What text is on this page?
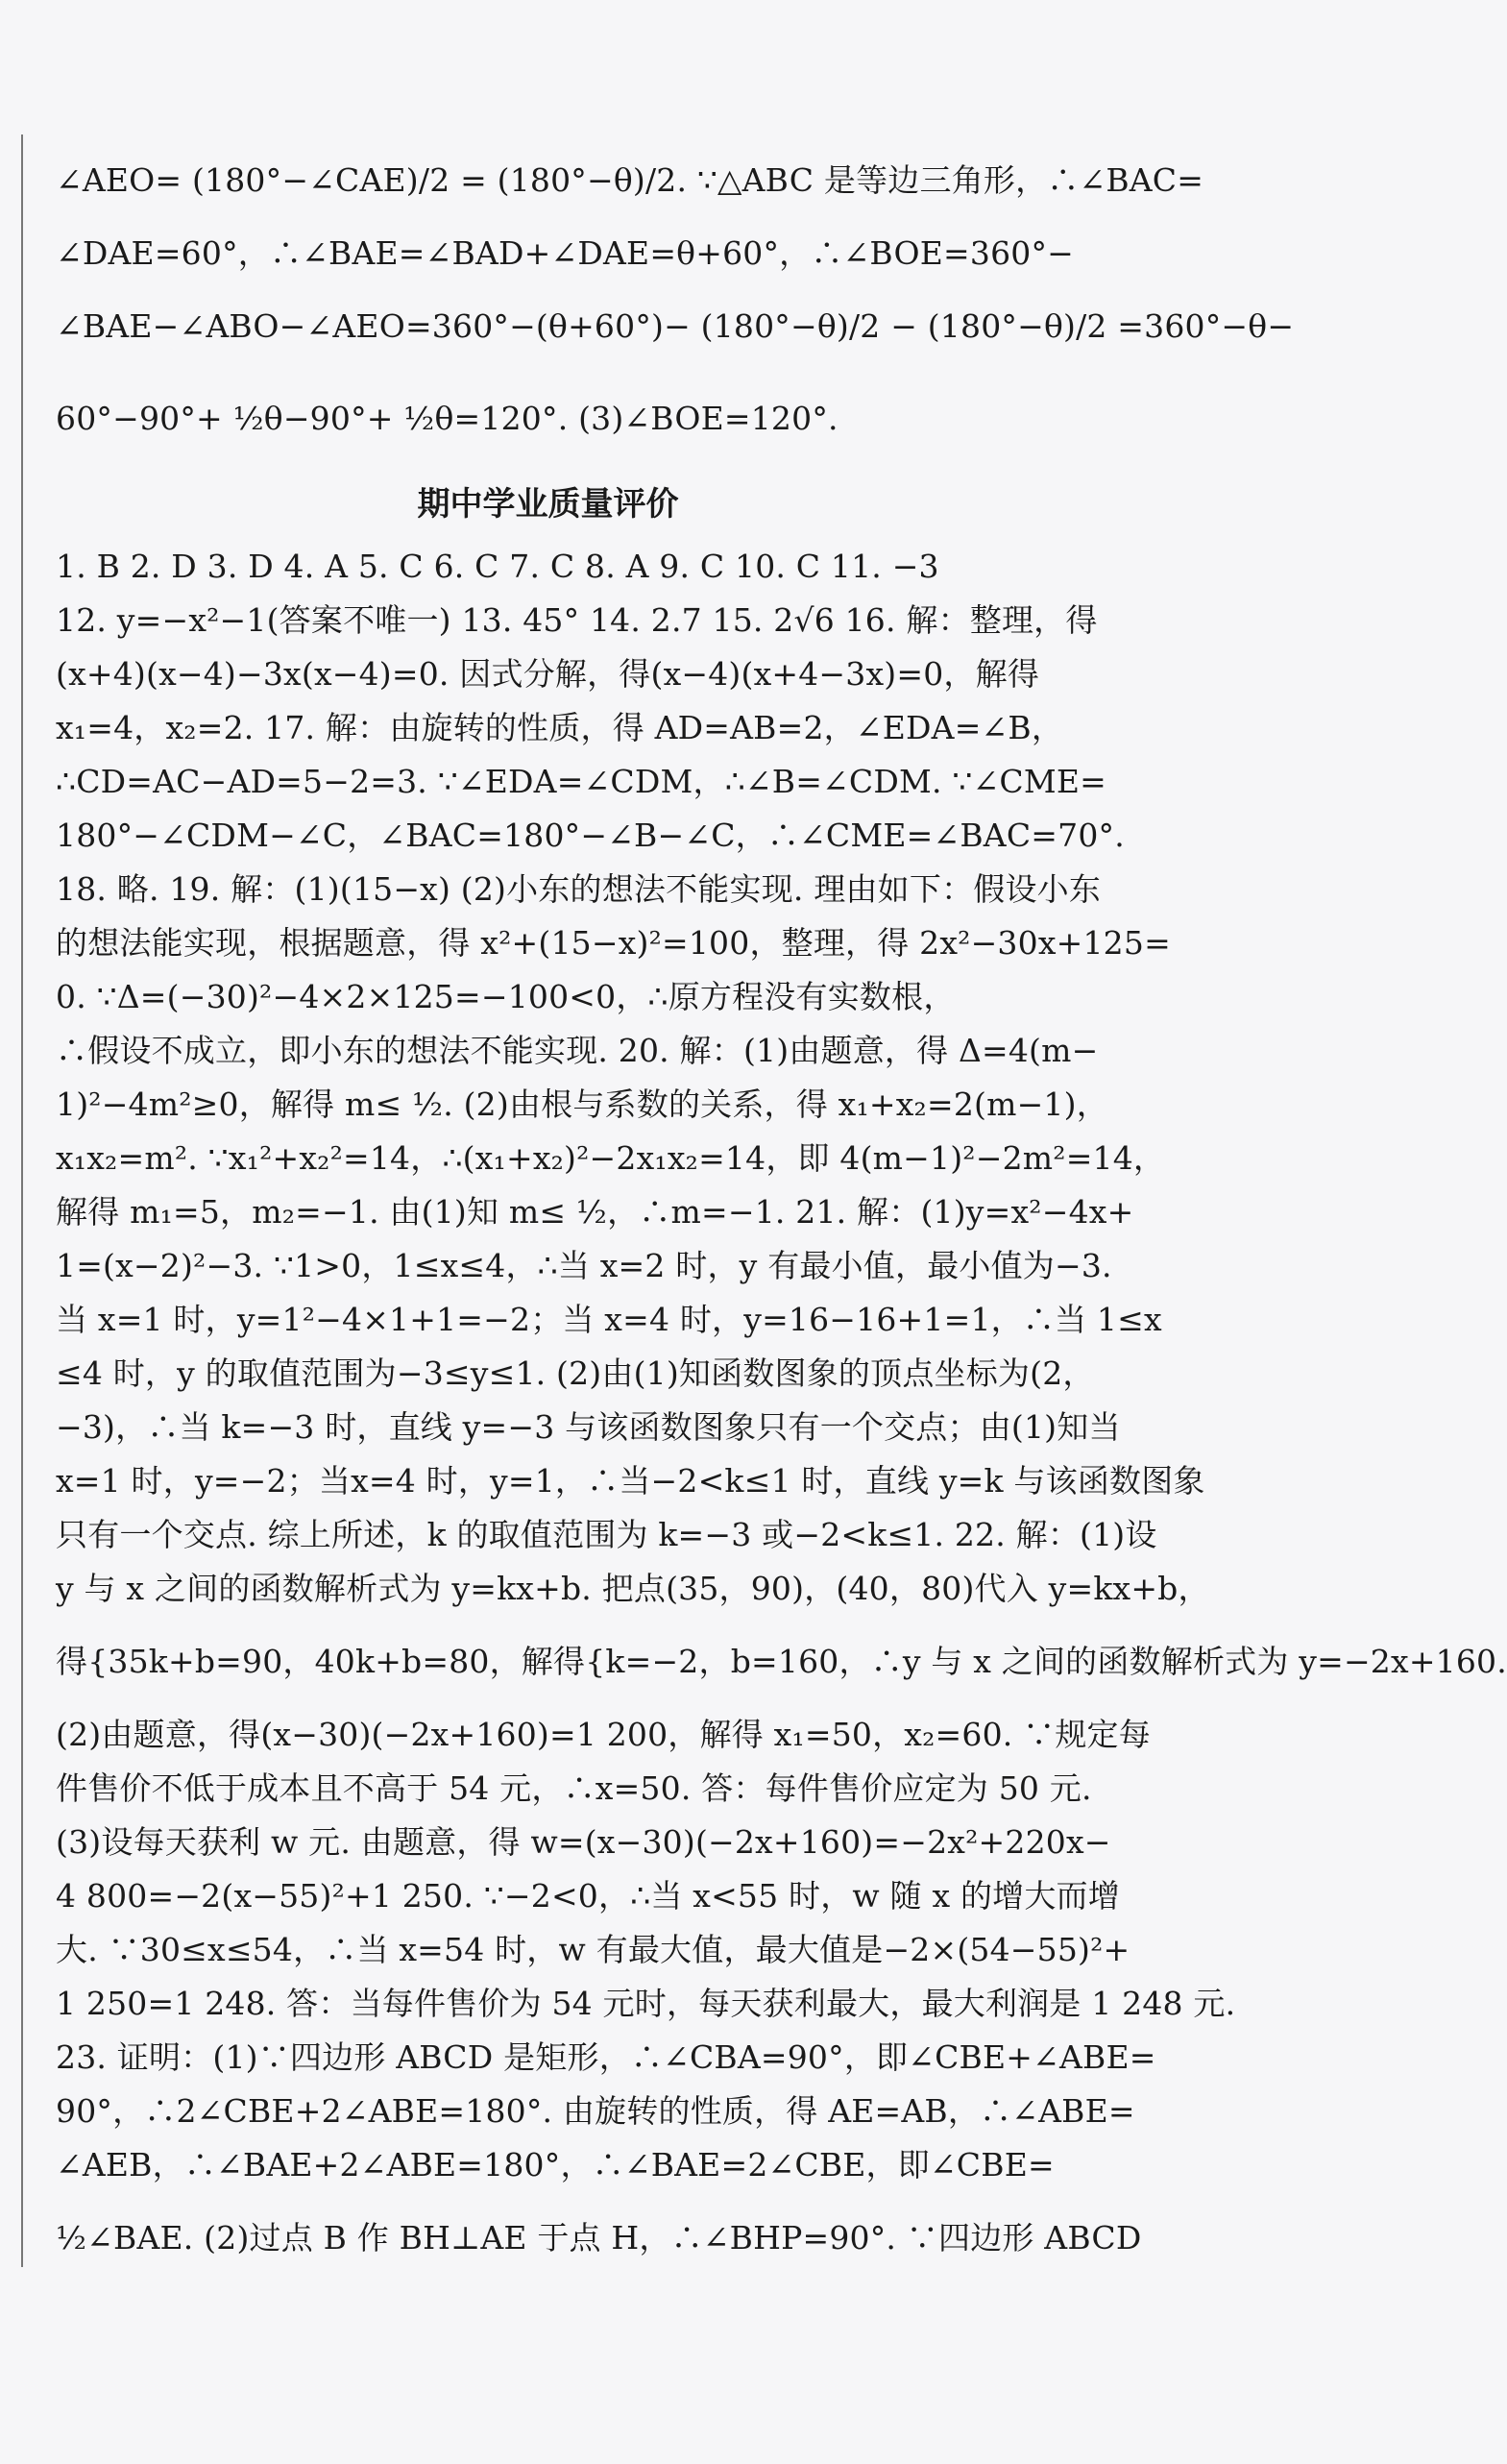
∠AEO= (180°−∠CAE)/2 = (180°−θ)/2. ∵△ABC 是等边三角形，∴∠BAC=
∠DAE=60°，∴∠BAE=∠BAD+∠DAE=θ+60°，∴∠BOE=360°−
∠BAE−∠ABO−∠AEO=360°−(θ+60°)− (180°−θ)/2 − (180°−θ)/2 =360°−θ−
60°−90°+ ½θ−90°+ ½θ=120°. (3)∠BOE=120°.
期中学业质量评价
1. B 2. D 3. D 4. A 5. C 6. C 7. C 8. A 9. C 10. C 11. −3
12. y=−x²−1(答案不唯一) 13. 45° 14. 2.7 15. 2√6 16. 解：整理，得
(x+4)(x−4)−3x(x−4)=0. 因式分解，得(x−4)(x+4−3x)=0，解得
x₁=4，x₂=2. 17. 解：由旋转的性质，得 AD=AB=2，∠EDA=∠B，
∴CD=AC−AD=5−2=3. ∵∠EDA=∠CDM，∴∠B=∠CDM. ∵∠CME=
180°−∠CDM−∠C，∠BAC=180°−∠B−∠C，∴∠CME=∠BAC=70°.
18. 略. 19. 解：(1)(15−x) (2)小东的想法不能实现. 理由如下：假设小东
的想法能实现，根据题意，得 x²+(15−x)²=100，整理，得 2x²−30x+125=
0. ∵Δ=(−30)²−4×2×125=−100<0，∴原方程没有实数根，
∴假设不成立，即小东的想法不能实现. 20. 解：(1)由题意，得 Δ=4(m−
1)²−4m²≥0，解得 m≤ ½. (2)由根与系数的关系，得 x₁+x₂=2(m−1)，
x₁x₂=m². ∵x₁²+x₂²=14，∴(x₁+x₂)²−2x₁x₂=14，即 4(m−1)²−2m²=14，
解得 m₁=5，m₂=−1. 由(1)知 m≤ ½，∴m=−1. 21. 解：(1)y=x²−4x+
1=(x−2)²−3. ∵1>0，1≤x≤4，∴当 x=2 时，y 有最小值，最小值为−3.
当 x=1 时，y=1²−4×1+1=−2；当 x=4 时，y=16−16+1=1，∴当 1≤x
≤4 时，y 的取值范围为−3≤y≤1. (2)由(1)知函数图象的顶点坐标为(2，
−3)，∴当 k=−3 时，直线 y=−3 与该函数图象只有一个交点；由(1)知当
x=1 时，y=−2；当x=4 时，y=1，∴当−2<k≤1 时，直线 y=k 与该函数图象
只有一个交点. 综上所述，k 的取值范围为 k=−3 或−2<k≤1. 22. 解：(1)设
y 与 x 之间的函数解析式为 y=kx+b. 把点(35，90)，(40，80)代入 y=kx+b，
得{35k+b=90，40k+b=80，解得{k=−2，b=160，∴y 与 x 之间的函数解析式为 y=−2x+160.
(2)由题意，得(x−30)(−2x+160)=1 200，解得 x₁=50，x₂=60. ∵规定每
件售价不低于成本且不高于 54 元，∴x=50. 答：每件售价应定为 50 元.
(3)设每天获利 w 元. 由题意，得 w=(x−30)(−2x+160)=−2x²+220x−
4 800=−2(x−55)²+1 250. ∵−2<0，∴当 x<55 时，w 随 x 的增大而增
大. ∵30≤x≤54，∴当 x=54 时，w 有最大值，最大值是−2×(54−55)²+
1 250=1 248. 答：当每件售价为 54 元时，每天获利最大，最大利润是 1 248 元.
23. 证明：(1)∵四边形 ABCD 是矩形，∴∠CBA=90°，即∠CBE+∠ABE=
90°，∴2∠CBE+2∠ABE=180°. 由旋转的性质，得 AE=AB，∴∠ABE=
∠AEB，∴∠BAE+2∠ABE=180°，∴∠BAE=2∠CBE，即∠CBE=
½∠BAE. (2)过点 B 作 BH⊥AE 于点 H，∴∠BHP=90°. ∵四边形 ABCD
